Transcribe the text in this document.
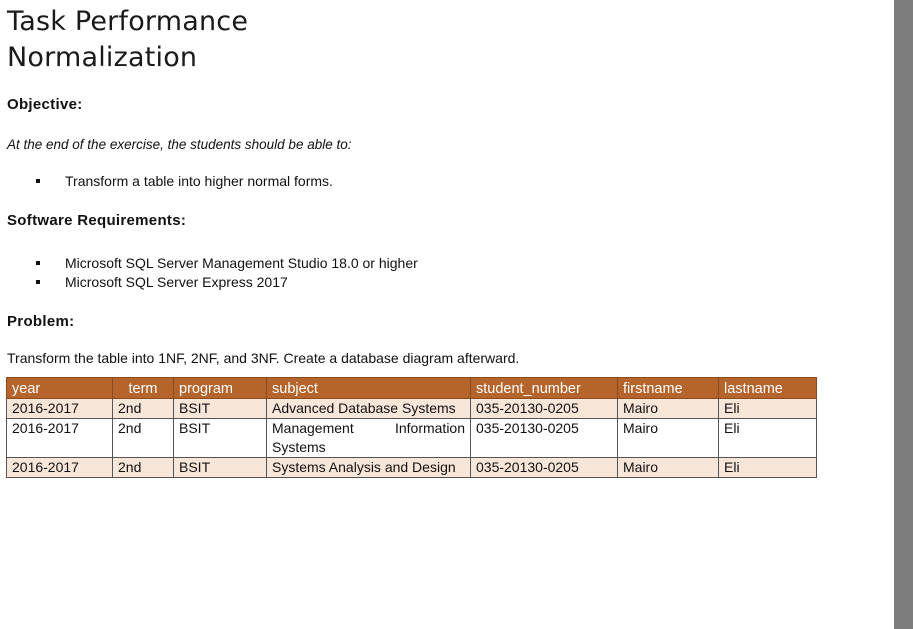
Task Performance
Normalization
Objective:

At the end of the exercise, the students should be able to:

Transform a table into higher normal forms.
Software Requirements:
Microsoft SQL Server Management Studio 18.0 or higher
Microsoft SQL Server Express 2017
Problem:

Transform the table into 1NF, 2NF, and 3NF. Create a database diagram afterward.

year	term	program	subject	student_number	firstname	lastname
2016-2017	2nd	BSIT	Advanced Database Systems	035-20130-0205	Mairo	Eli
2016-2017	2nd	BSIT	Management Information Systems	035-20130-0205	Mairo	Eli
2016-2017	2nd	BSIT	Systems Analysis and Design	035-20130-0205	Mairo	Eli
